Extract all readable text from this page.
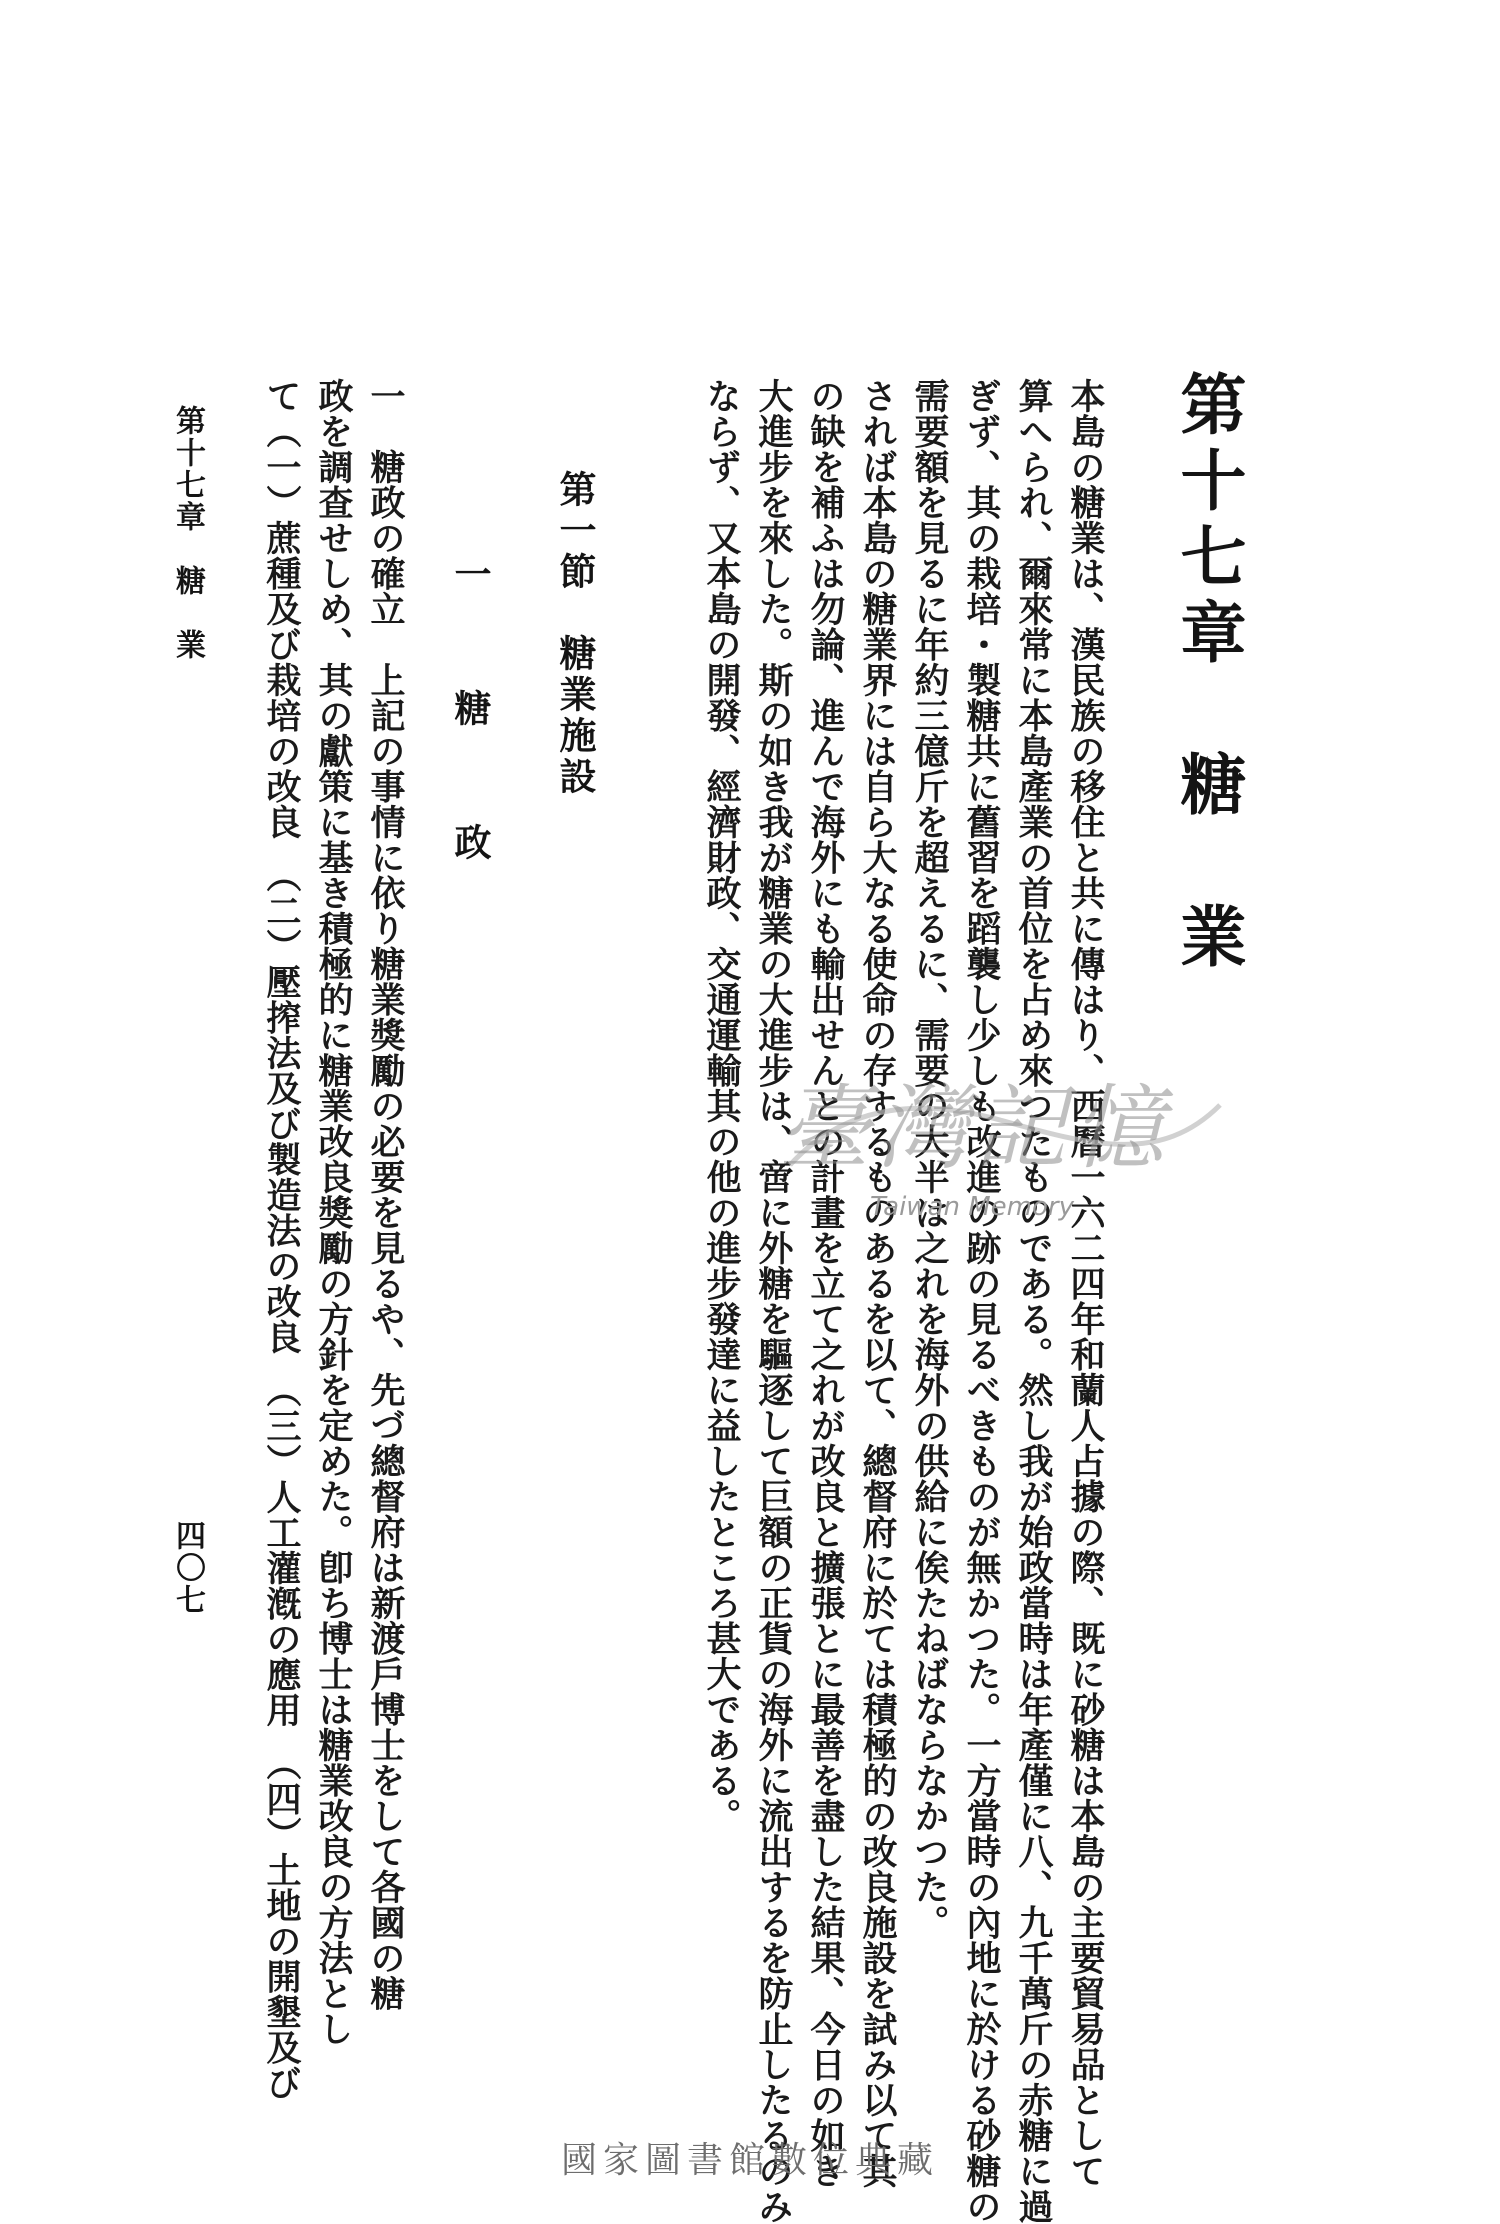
第十七章　糖　業
本島の糖業は、漢民族の移住と共に傳はり、西曆一六二四年和蘭人占據の際、既に砂糖は本島の主要貿易品として
算へられ、爾來常に本島產業の首位を占め來つたものである。然し我が始政當時は年產僅に八、九千萬斤の赤糖に過
ぎず、其の栽培・製糖共に舊習を蹈襲し少しも改進の跡の見るべきものが無かつた。一方當時の內地に於ける砂糖の
需要額を見るに年約三億斤を超えるに、需要の大半は之れを海外の供給に俟たねばならなかつた。
されば本島の糖業界には自ら大なる使命の存するものあるを以て、總督府に於ては積極的の改良施設を試み以て其
の缺を補ふは勿論、進んで海外にも輸出せんとの計畫を立て之れが改良と擴張とに最善を盡した結果、今日の如き
大進步を來した。斯の如き我が糖業の大進步は、啻に外糖を驅逐して巨額の正貨の海外に流出するを防止したるのみ
ならず、又本島の開發、經濟財政、交通運輸其の他の進步發達に益したところ甚大である。
第一節　糖業施設
一　糖　政
一　糖政の確立　上記の事情に依り糖業獎勵の必要を見るや、先づ總督府は新渡戶博士をして各國の糖
政を調查せしめ、其の獻策に基き積極的に糖業改良獎勵の方針を定めた。卽ち博士は糖業改良の方法とし
て（一）蔗種及び栽培の改良　（二）壓搾法及び製造法の改良　（三）人工灌漑の應用　（四）土地の開墾及び
第十七章　糖　業
四〇七
臺灣記憶
Taiwan Memory
國家圖書館數位典藏
